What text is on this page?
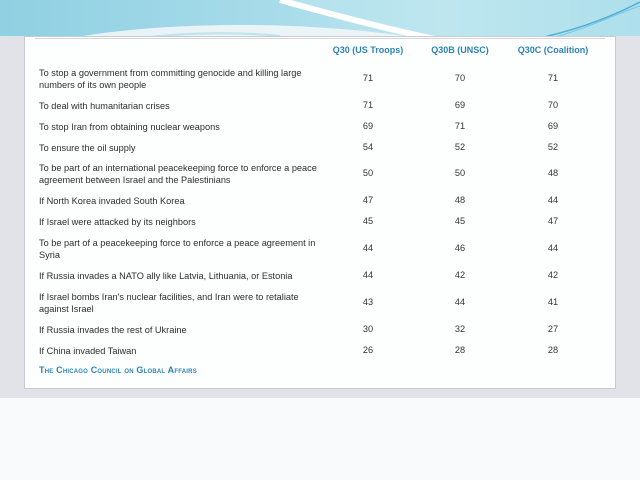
Q30 (US Troops)	Q30B (UNSC)	Q30C (Coalition)
To stop a government from committing genocide and killing large numbers of its own people
71	70	71
To deal with humanitarian crises	71	69	70
To stop Iran from obtaining nuclear weapons	69	71	69
To ensure the oil supply	54	52	52
To be part of an international peacekeeping force to enforce a peace agreement between Israel and the Palestinians
50	50	48
If North Korea invaded South Korea	47	48	44
If Israel were attacked by its neighbors	45	45	47
To be part of a peacekeeping force to enforce a peace agreement in Syria
44	46	44
If Russia invades a NATO ally like Latvia, Lithuania, or Estonia	44	42	42
If Israel bombs Iran's nuclear facilities, and Iran were to retaliate against Israel
43	44	41
If Russia invades the rest of Ukraine	30	32	27
If China invaded Taiwan	26	28	28
The Chicago Council on Global Affairs
